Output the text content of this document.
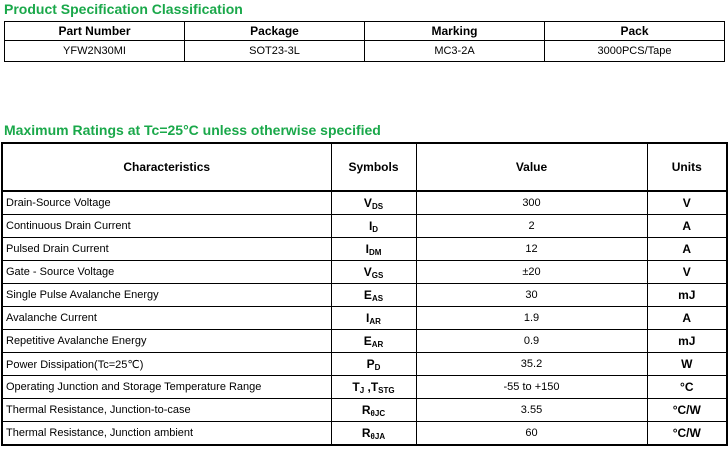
Product Specification Classification
Part Number	Package	Marking	Pack
YFW2N30MI	SOT23-3L	MC3-2A	3000PCS/Tape
Maximum Ratings at Tc=25°C unless otherwise specified
Characteristics	Symbols	Value	Units
Drain-Source Voltage	$V_{DS}$	300	V
Continuous Drain Current	$I_D$	2	A
Pulsed Drain Current	$I_{DM}$	12	A
Gate - Source Voltage	$V_{GS}$	±20	V
Single Pulse Avalanche Energy	$E_{AS}$	30	mJ
Avalanche Current	$I_{AR}$	1.9	A
Repetitive Avalanche Energy	$E_{AR}$	0.9	mJ
Power Dissipation(Tc=25℃)	$P_D$	35.2	W
Operating Junction and Storage Temperature Range	$T_J$ $,T_{STG}$	-55 to +150	°C
Thermal Resistance, Junction-to-case	$R_{\theta JC}$	3.55	°C/W
Thermal Resistance, Junction ambient	$R_{\theta JA}$	60	°C/W
